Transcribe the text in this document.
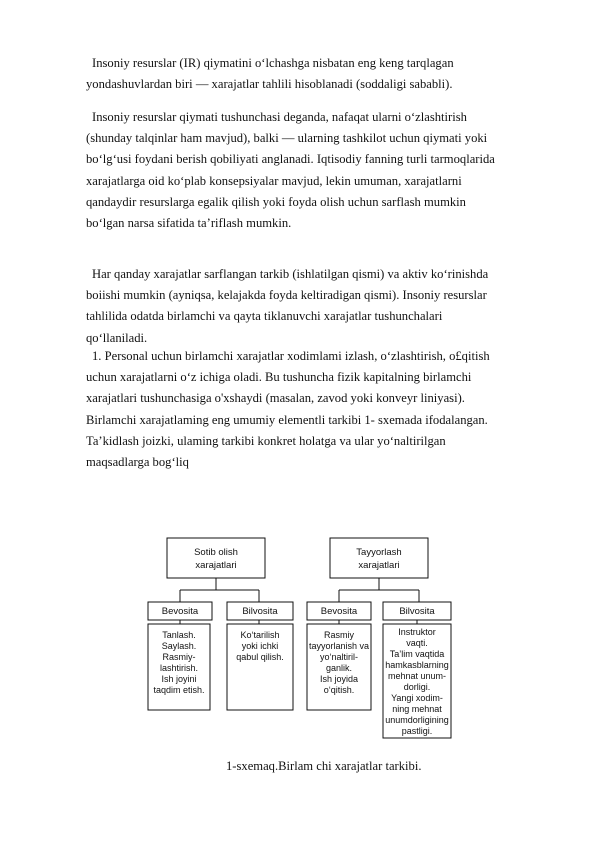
Insoniy resurslar (IR) qiymatini o‘lchashga nisbatan eng keng tarqlagan
yondashuvlardan biri — xarajatlar tahlili hisoblanadi (soddaligi sababli).

Insoniy resurslar qiymati tushunchasi deganda, nafaqat ularni o‘zlashtirish
(shunday talqinlar ham mavjud), balki — ularning tashkilot uchun qiymati yoki
bo‘lg‘usi foydani berish qobiliyati anglanadi. Iqtisodiy fanning turli tarmoqlarida
xarajatlarga oid ko‘plab konsepsiyalar mavjud, lekin umuman, xarajatlarni
qandaydir resurslarga egalik qilish yoki foyda olish uchun sarflash mumkin
bo‘lgan narsa sifatida ta’riflash mumkin.

Har qanday xarajatlar sarflangan tarkib (ishlatilgan qismi) va aktiv ko‘rinishda
boiishi mumkin (ayniqsa, kelajakda foyda keltiradigan qismi). Insoniy resurslar
tahlilida odatda birlamchi va qayta tiklanuvchi xarajatlar tushunchalari
qo‘llaniladi.

1. Personal uchun birlamchi xarajatlar xodimlami izlash, o‘zlashtirish, o£qitish
uchun xarajatlarni o‘z ichiga oladi. Bu tushuncha fizik kapitalning birlamchi
xarajatlari tushunchasiga o'xshaydi (masalan, zavod yoki konveyr liniyasi).
Birlamchi xarajatlaming eng umumiy elementli tarkibi 1- sxemada ifodalangan.
Ta’kidlash joizki, ulaming tarkibi konkret holatga va ular yo‘naltirilgan
maqsadlarga bog‘liq

Sotib olish
xarajatlari
Tayyorlash
xarajatlari
Bevosita	Bilvosita	Bevosita	Bilvosita
Tanlash.
Saylash.
Rasmiy-
lashtirish.
Ish joyini
taqdim etish.
Ko‘tarilish
yoki ichki
qabul qilish.
Rasmiy
tayyorlanish va
yo‘naltiril-
ganlik.
Ish joyida
o‘qitish.
Instruktor
vaqti.
Ta’lim vaqtida
hamkasblarning
mehnat unum-
dorligi.
Yangi xodim-
ning mehnat
unumdorligining
pastligi.
1-sxemaq.Birlam chi xarajatlar tarkibi.
